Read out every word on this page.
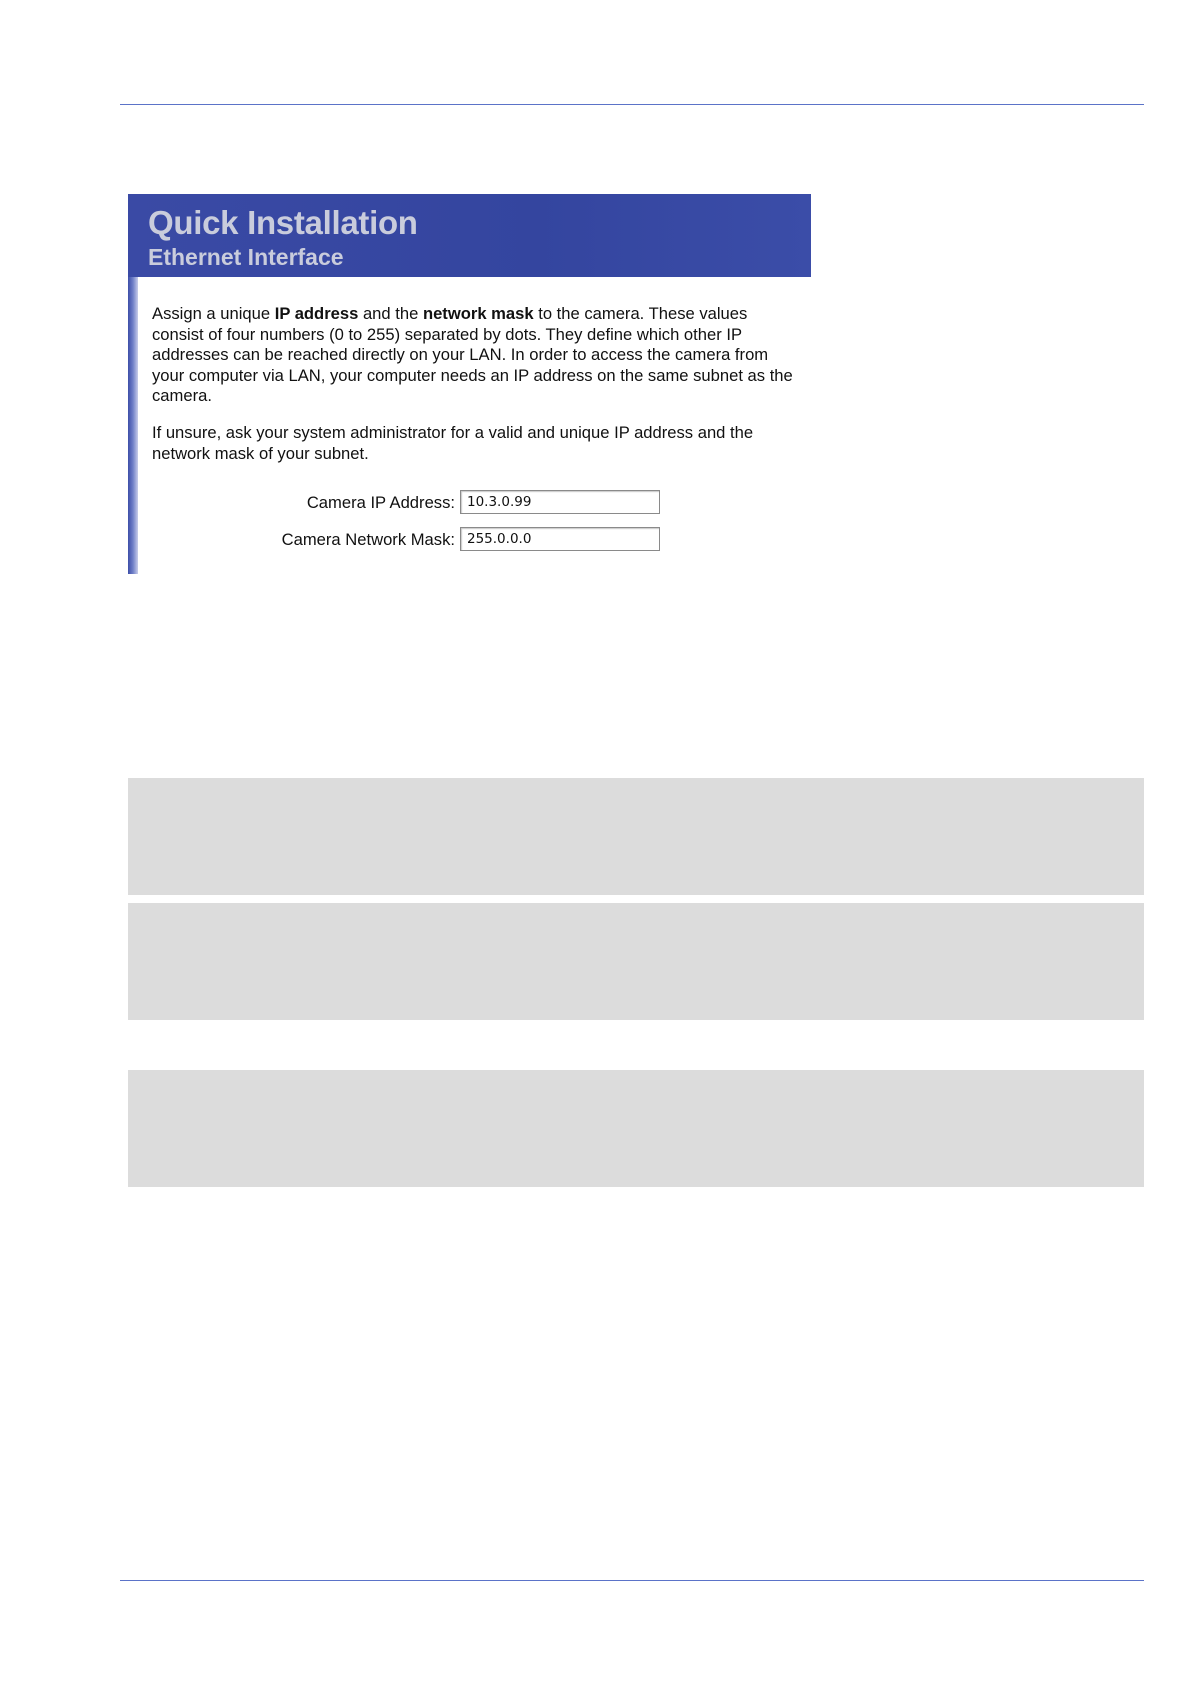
Quick Installation
Ethernet Interface

Assign a unique IP address and the network mask to the camera. These values consist of four numbers (0 to 255) separated by dots. They define which other IP addresses can be reached directly on your LAN. In order to access the camera from your computer via LAN, your computer needs an IP address on the same subnet as the camera.

If unsure, ask your system administrator for a valid and unique IP address and the network mask of your subnet.

Camera IP Address:
10.3.0.99
Camera Network Mask:
255.0.0.0
